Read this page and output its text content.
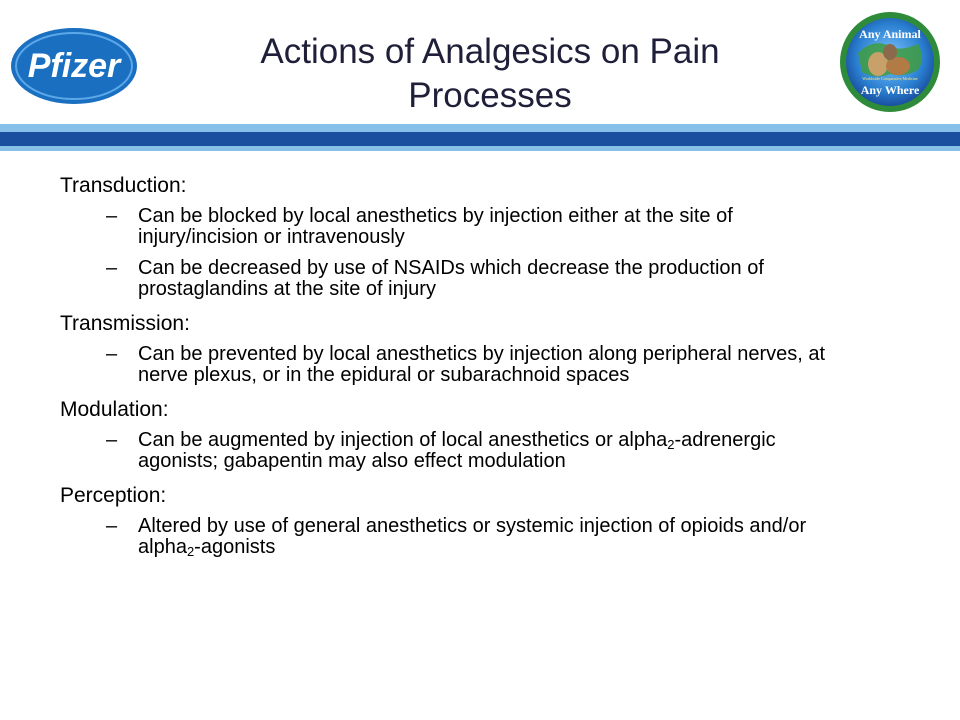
Pfizer	Actions of Analgesics on Pain Processes
Any Animal
Any Where
Worldwide Comparative Medicine
Transduction:
– Can be blocked by local anesthetics by injection either at the site of injury/incision or intravenously
– Can be decreased by use of NSAIDs which decrease the production of prostaglandins at the site of injury
Transmission:
– Can be prevented by local anesthetics by injection along peripheral nerves, at nerve plexus, or in the epidural or subarachnoid spaces
Modulation:
– Can be augmented by injection of local anesthetics or alpha$_2$-adrenergic agonists; gabapentin may also effect modulation
Perception:
– Altered by use of general anesthetics or systemic injection of opioids and/or alpha$_2$-agonists
